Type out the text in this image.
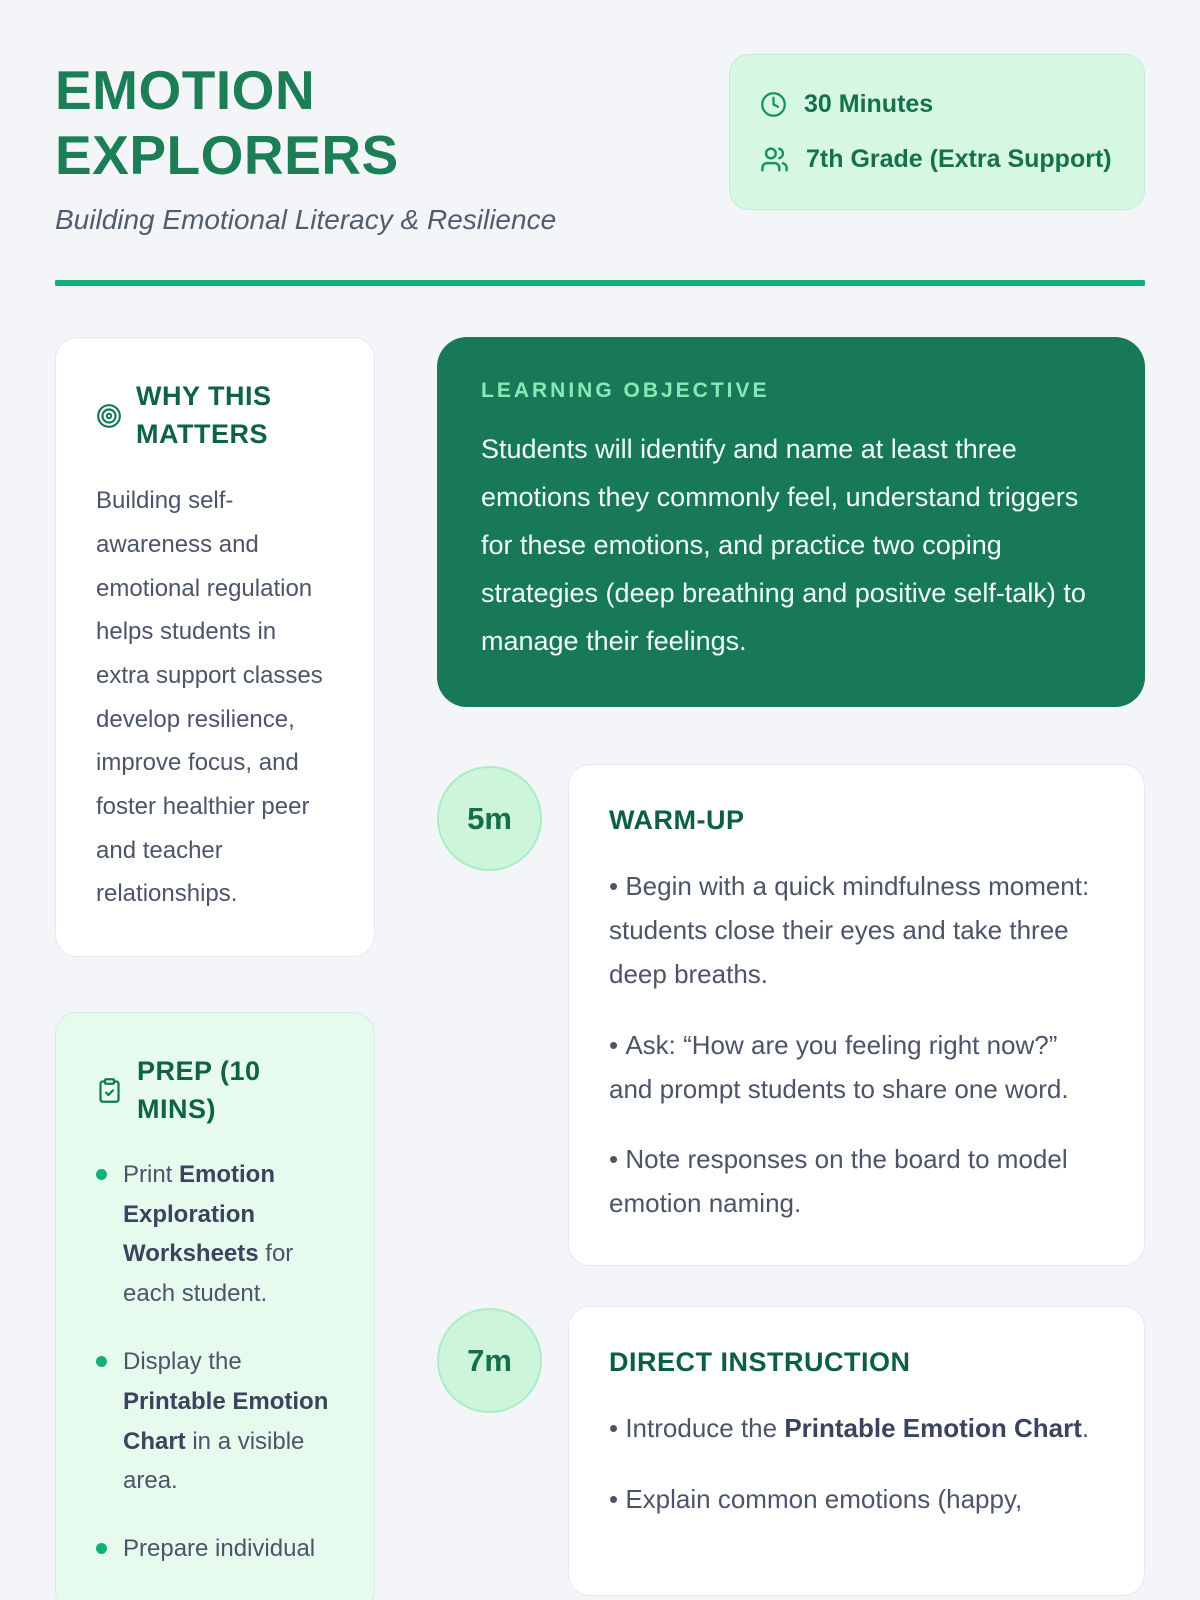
EMOTION EXPLORERS

Building Emotional Literacy & Resilience

30 Minutes
7th Grade (Extra Support)
WHY THIS MATTERS

Building self-awareness and emotional regulation helps students in extra support classes develop resilience, improve focus, and foster healthier peer and teacher relationships.

PREP (10 MINS)
Print Emotion Exploration Worksheets for each student.
Display the Printable Emotion Chart in a visible area.
Prepare individual
LEARNING OBJECTIVE

Students will identify and name at least three emotions they commonly feel, understand triggers for these emotions, and practice two coping strategies (deep breathing and positive self-talk) to manage their feelings.

5m	WARM-UP

• Begin with a quick mindfulness moment: students close their eyes and take three deep breaths.

• Ask: “How are you feeling right now?” and prompt students to share one word.

• Note responses on the board to model emotion naming.

7m	DIRECT INSTRUCTION

• Introduce the Printable Emotion Chart.

• Explain common emotions (happy,
